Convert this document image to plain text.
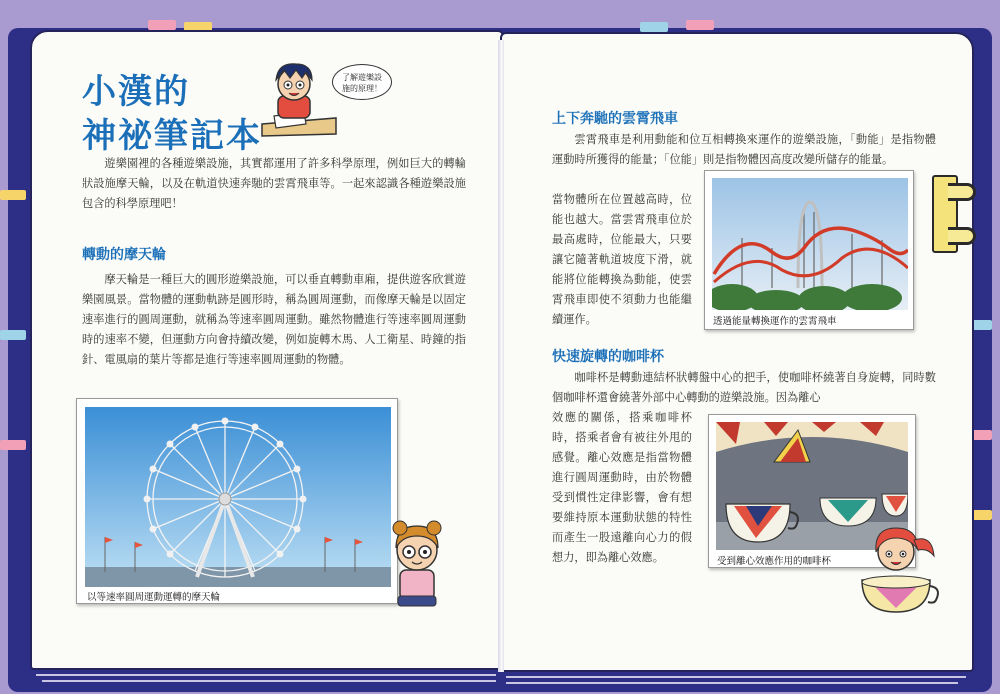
小漢的
神祕筆記本
了解遊樂設施的原理！

遊樂園裡的各種遊樂設施，其實都運用了許多科學原理，例如巨大的轉輪狀設施摩天輪，以及在軌道快速奔馳的雲霄飛車等。一起來認識各種遊樂設施包含的科學原理吧！

轉動的摩天輪

摩天輪是一種巨大的圓形遊樂設施，可以垂直轉動車廂，提供遊客欣賞遊樂園風景。當物體的運動軌跡是圓形時，稱為圓周運動，而像摩天輪是以固定速率進行的圓周運動，就稱為等速率圓周運動。雖然物體進行等速率圓周運動時的速率不變，但運動方向會持續改變，例如旋轉木馬、人工衛星、時鐘的指針、電風扇的葉片等都是進行等速率圓周運動的物體。

以等速率圓周運動運轉的摩天輪
上下奔馳的雲霄飛車

雲霄飛車是利用動能和位互相轉換來運作的遊樂設施，「動能」是指物體運動時所獲得的能量；「位能」則是指物體因高度改變所儲存的能量。

當物體所在位置越高時，位能也越大。當雲霄飛車位於最高處時，位能最大，只要讓它隨著軌道坡度下滑，就能將位能轉換為動能，使雲霄飛車即使不須動力也能繼續運作。	透過能量轉換運作的雲霄飛車
快速旋轉的咖啡杯

咖啡杯是轉動連結杯狀轉盤中心的把手，使咖啡杯繞著自身旋轉，同時數個咖啡杯還會繞著外部中心轉動的遊樂設施。因為離心

效應的關係，搭乘咖啡杯時，搭乘者會有被往外甩的感覺。離心效應是指當物體進行圓周運動時，由於物體受到慣性定律影響，會有想要維持原本運動狀態的特性而產生一股遠離向心力的假想力，即為離心效應。	受到離心效應作用的咖啡杯
